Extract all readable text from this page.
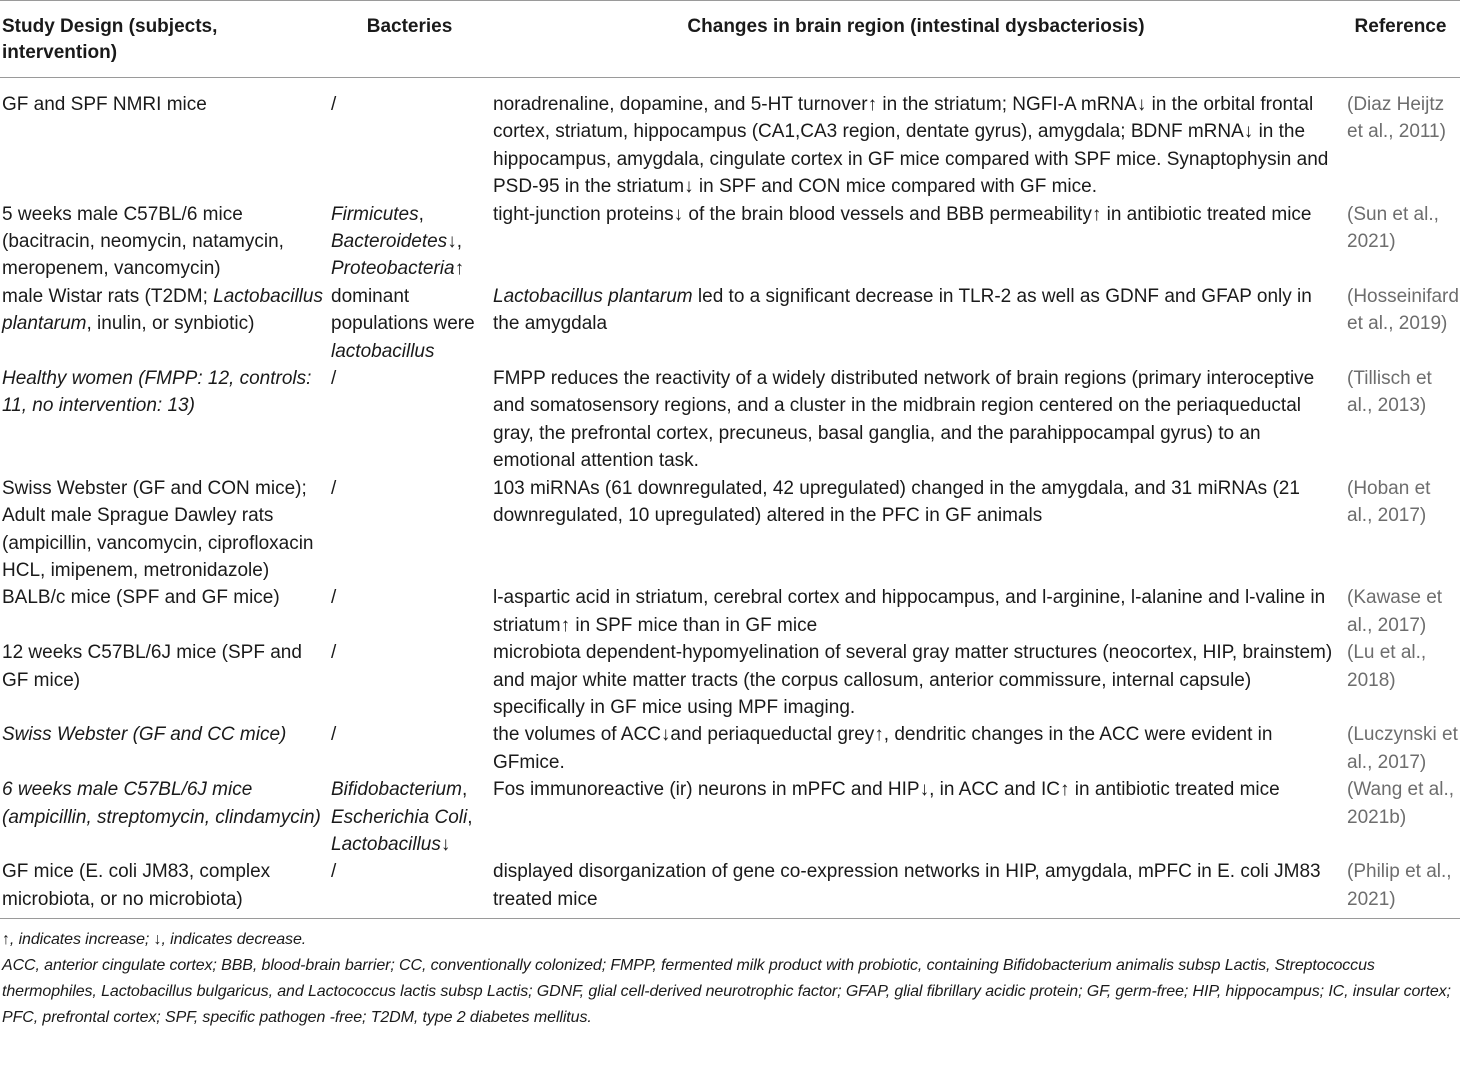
Study Design (subjects, intervention)	Bacteries	Changes in brain region (intestinal dysbacteriosis)	Reference
GF and SPF NMRI mice	/	noradrenaline, dopamine, and 5-HT turnover↑ in the striatum; NGFI-A mRNA↓ in the orbital frontal cortex, striatum, hippocampus (CA1,CA3 region, dentate gyrus), amygdala; BDNF mRNA↓ in the hippocampus, amygdala, cingulate cortex in GF mice compared with SPF mice. Synaptophysin and PSD-95 in the striatum↓ in SPF and CON mice compared with GF mice.	(Diaz Heijtz et al., 2011)
5 weeks male C57BL/6 mice (bacitracin, neomycin, natamycin, meropenem, vancomycin)	Firmicutes, Bacteroidetes↓, Proteobacteria↑	tight-junction proteins↓ of the brain blood vessels and BBB permeability↑ in antibiotic treated mice	(Sun et al., 2021)
male Wistar rats (T2DM; Lactobacillus plantarum, inulin, or synbiotic)	dominant populations were lactobacillus	Lactobacillus plantarum led to a significant decrease in TLR-2 as well as GDNF and GFAP only in the amygdala	(Hosseinifard et al., 2019)
Healthy women (FMPP: 12, controls: 11, no intervention: 13)	/	FMPP reduces the reactivity of a widely distributed network of brain regions (primary interoceptive and somatosensory regions, and a cluster in the midbrain region centered on the periaqueductal gray, the prefrontal cortex, precuneus, basal ganglia, and the parahippocampal gyrus) to an emotional attention task.	(Tillisch et al., 2013)
Swiss Webster (GF and CON mice); Adult male Sprague Dawley rats (ampicillin, vancomycin, ciprofloxacin HCL, imipenem, metronidazole)	/	103 miRNAs (61 downregulated, 42 upregulated) changed in the amygdala, and 31 miRNAs (21 downregulated, 10 upregulated) altered in the PFC in GF animals	(Hoban et al., 2017)
BALB/c mice (SPF and GF mice)	/	l-aspartic acid in striatum, cerebral cortex and hippocampus, and l-arginine, l-alanine and l-valine in striatum↑ in SPF mice than in GF mice	(Kawase et al., 2017)
12 weeks C57BL/6J mice (SPF and GF mice)	/	microbiota dependent-hypomyelination of several gray matter structures (neocortex, HIP, brainstem) and major white matter tracts (the corpus callosum, anterior commissure, internal capsule) specifically in GF mice using MPF imaging.	(Lu et al., 2018)
Swiss Webster (GF and CC mice)	/	the volumes of ACC↓and periaqueductal grey↑, dendritic changes in the ACC were evident in GFmice.	(Luczynski et al., 2017)
6 weeks male C57BL/6J mice (ampicillin, streptomycin, clindamycin)	Bifidobacterium, Escherichia Coli, Lactobacillus↓	Fos immunoreactive (ir) neurons in mPFC and HIP↓, in ACC and IC↑ in antibiotic treated mice	(Wang et al., 2021b)
GF mice (E. coli JM83, complex microbiota, or no microbiota)	/	displayed disorganization of gene co-expression networks in HIP, amygdala, mPFC in E. coli JM83 treated mice	(Philip et al., 2021)

↑, indicates increase; ↓, indicates decrease.
ACC, anterior cingulate cortex; BBB, blood-brain barrier; CC, conventionally colonized; FMPP, fermented milk product with probiotic, containing Bifidobacterium animalis subsp Lactis, Streptococcus thermophiles, Lactobacillus bulgaricus, and Lactococcus lactis subsp Lactis; GDNF, glial cell-derived neurotrophic factor; GFAP, glial fibrillary acidic protein; GF, germ-free; HIP, hippocampus; IC, insular cortex; PFC, prefrontal cortex; SPF, specific pathogen -free; T2DM, type 2 diabetes mellitus.			
